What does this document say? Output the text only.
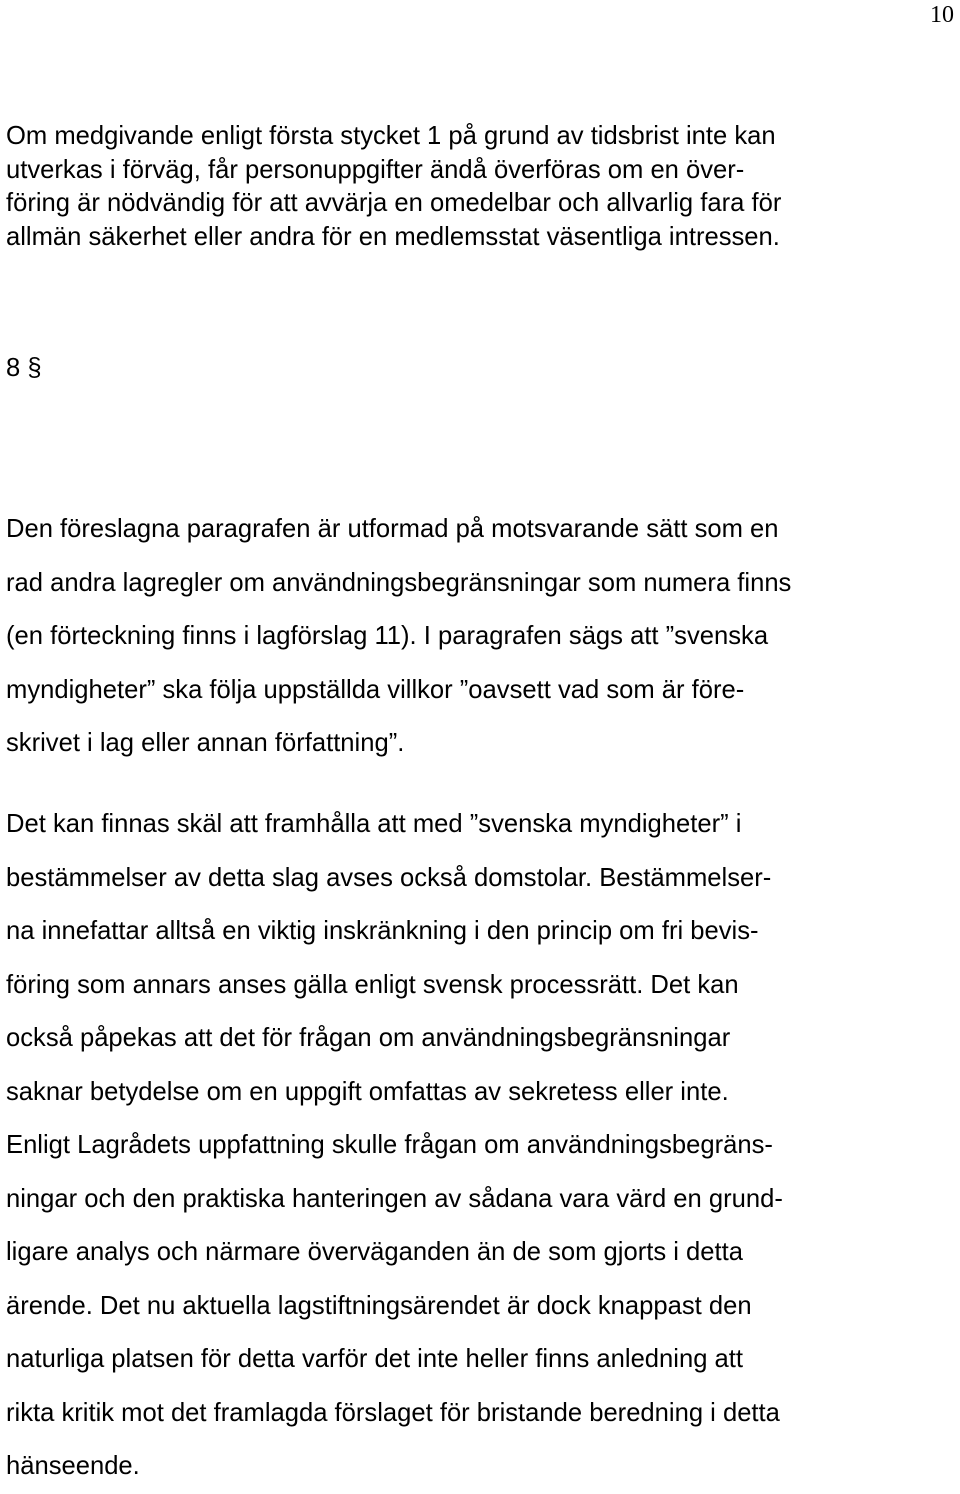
10
Om medgivande enligt första stycket 1 på grund av tidsbrist inte kan
utverkas i förväg, får personuppgifter ändå överföras om en över-
föring är nödvändig för att avvärja en omedelbar och allvarlig fara för
allmän säkerhet eller andra för en medlemsstat väsentliga intressen.
8 §
Den föreslagna paragrafen är utformad på motsvarande sätt som en
rad andra lagregler om användningsbegränsningar som numera finns
(en förteckning finns i lagförslag 11). I paragrafen sägs att ”svenska
myndigheter” ska följa uppställda villkor ”oavsett vad som är före-
skrivet i lag eller annan författning”.
Det kan finnas skäl att framhålla att med ”svenska myndigheter” i
bestämmelser av detta slag avses också domstolar. Bestämmelser-
na innefattar alltså en viktig inskränkning i den princip om fri bevis-
föring som annars anses gälla enligt svensk processrätt. Det kan
också påpekas att det för frågan om användningsbegränsningar
saknar betydelse om en uppgift omfattas av sekretess eller inte.
Enligt Lagrådets uppfattning skulle frågan om användningsbegräns-
ningar och den praktiska hanteringen av sådana vara värd en grund-
ligare analys och närmare överväganden än de som gjorts i detta
ärende. Det nu aktuella lagstiftningsärendet är dock knappast den
naturliga platsen för detta varför det inte heller finns anledning att
rikta kritik mot det framlagda förslaget för bristande beredning i detta
hänseende.
